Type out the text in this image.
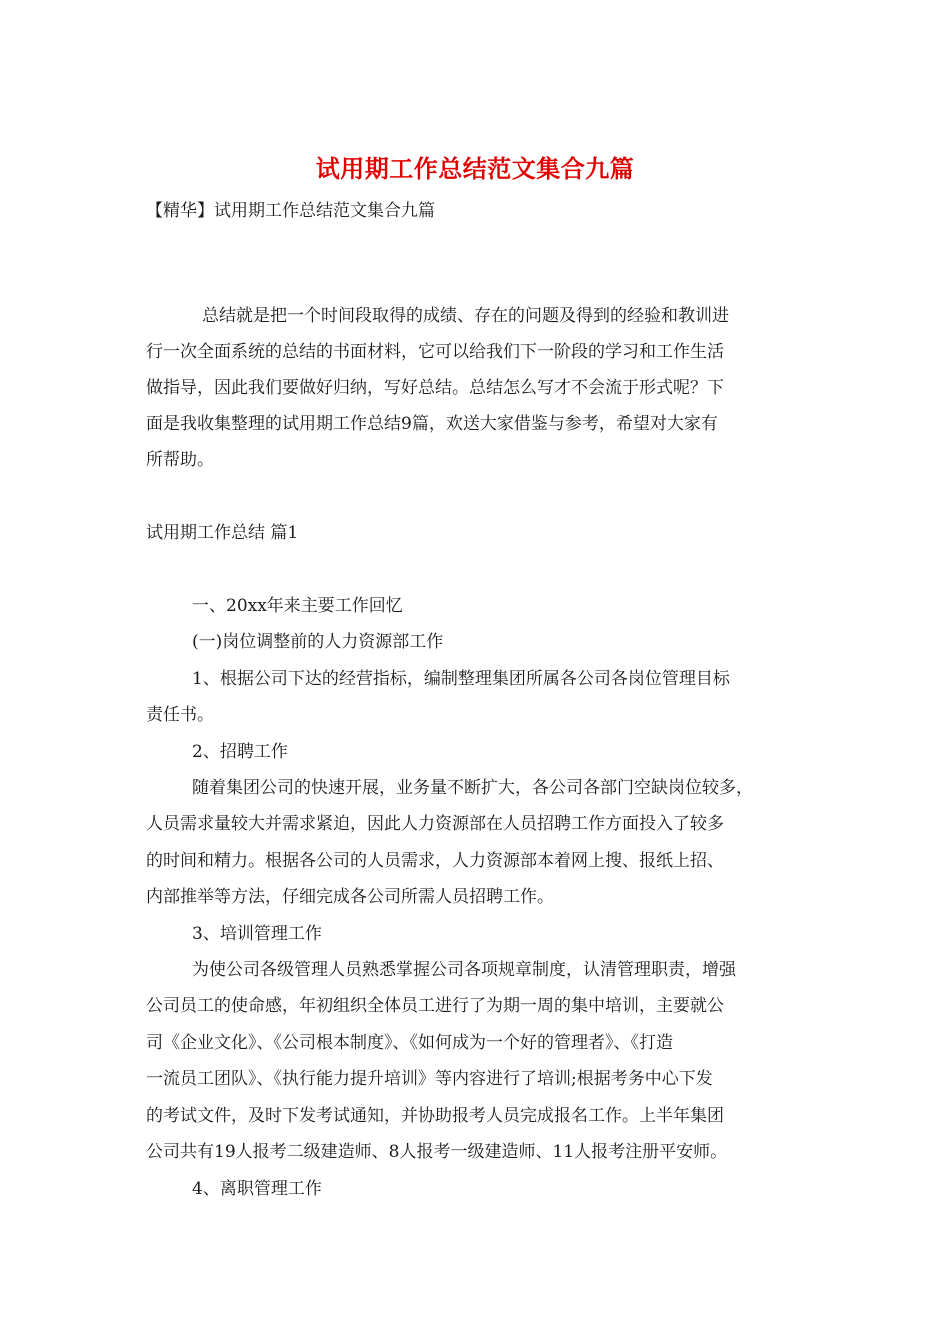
试用期工作总结范文集合九篇
【精华】试用期工作总结范文集合九篇
总结就是把一个时间段取得的成绩、存在的问题及得到的经验和教训进
行一次全面系统的总结的书面材料，它可以给我们下一阶段的学习和工作生活
做指导，因此我们要做好归纳，写好总结。总结怎么写才不会流于形式呢？下
面是我收集整理的试用期工作总结9篇，欢送大家借鉴与参考，希望对大家有
所帮助。
试用期工作总结 篇1
一、20xx年来主要工作回忆
(一)岗位调整前的人力资源部工作
1、根据公司下达的经营指标，编制整理集团所属各公司各岗位管理目标
责任书。
2、招聘工作
随着集团公司的快速开展，业务量不断扩大，各公司各部门空缺岗位较多，
人员需求量较大并需求紧迫，因此人力资源部在人员招聘工作方面投入了较多
的时间和精力。根据各公司的人员需求，人力资源部本着网上搜、报纸上招、
内部推举等方法，仔细完成各公司所需人员招聘工作。
3、培训管理工作
为使公司各级管理人员熟悉掌握公司各项规章制度，认清管理职责，增强
公司员工的使命感，年初组织全体员工进行了为期一周的集中培训，主要就公
司《企业文化》、《公司根本制度》、《如何成为一个好的管理者》、《打造
一流员工团队》、《执行能力提升培训》等内容进行了培训;根据考务中心下发
的考试文件，及时下发考试通知，并协助报考人员完成报名工作。上半年集团
公司共有19人报考二级建造师、8人报考一级建造师、11人报考注册平安师。
4、离职管理工作
